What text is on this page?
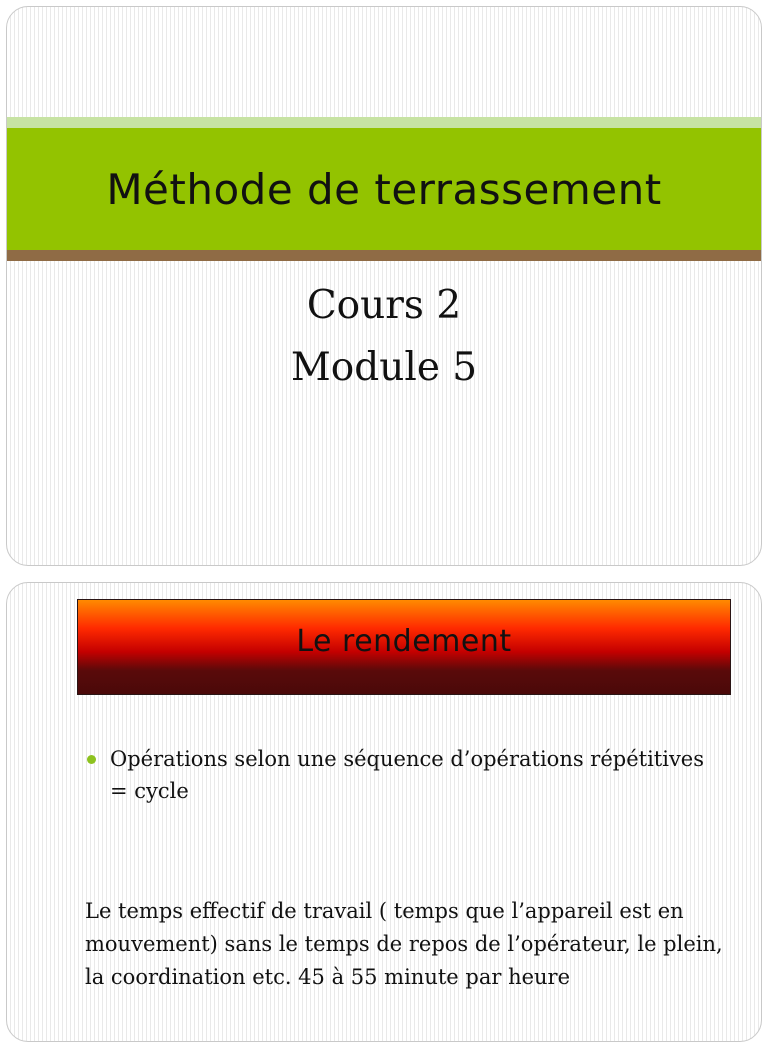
Méthode de terrassement
Cours 2
Module 5
Le rendement
Opérations selon une séquence d’opérations répétitives = cycle
Le temps effectif de travail ( temps que l’appareil est en mouvement) sans le temps de repos de l’opérateur, le plein, la coordination etc. 45 à 55 minute par heure
